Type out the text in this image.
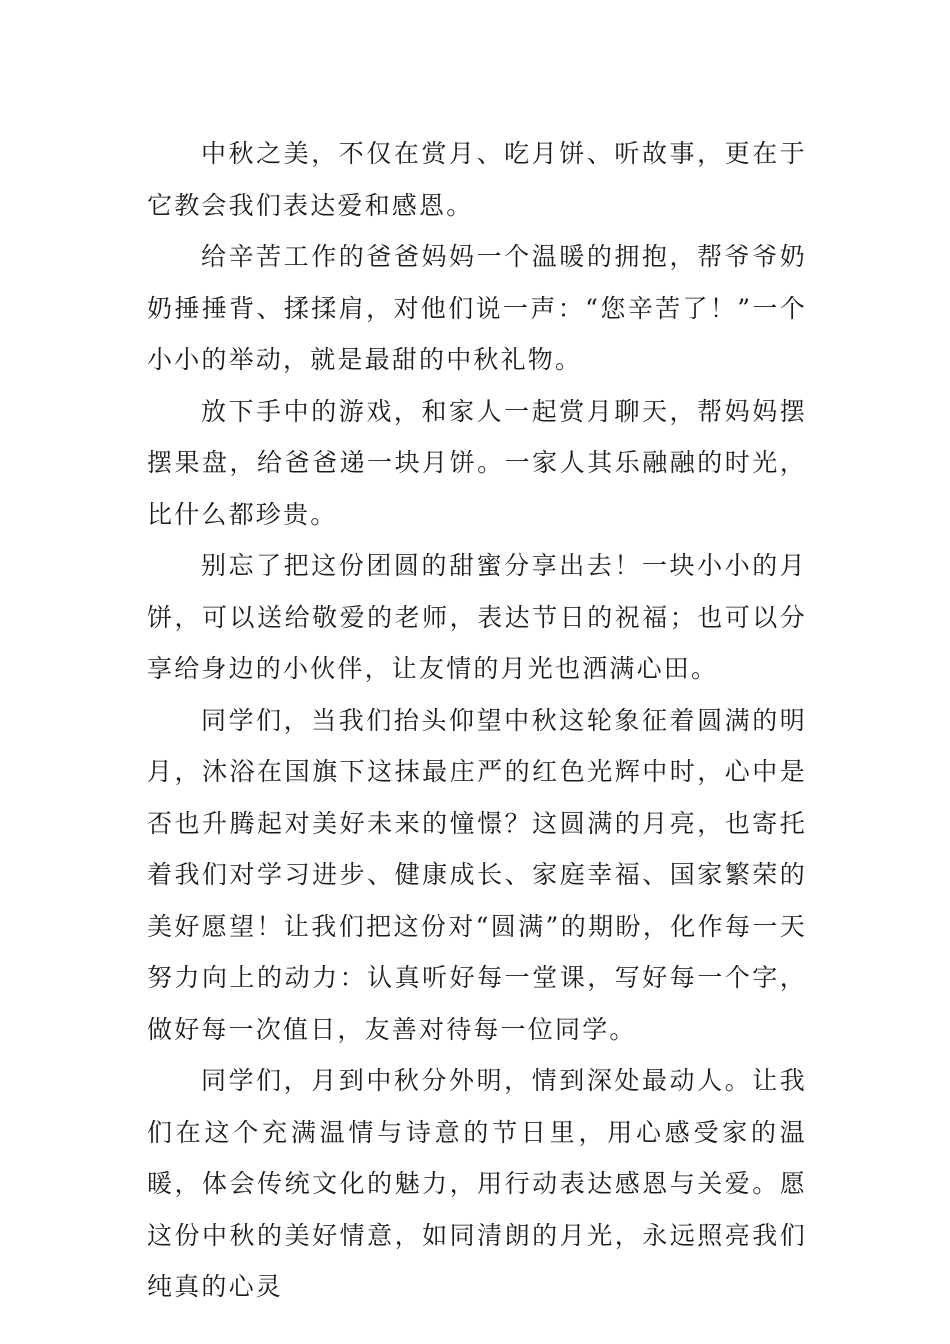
中秋之美，不仅在赏月、吃月饼、听故事，更在于它教会我们表达爱和感恩。

给辛苦工作的爸爸妈妈一个温暖的拥抱，帮爷爷奶奶捶捶背、揉揉肩，对他们说一声：“您辛苦了！”一个小小的举动，就是最甜的中秋礼物。

放下手中的游戏，和家人一起赏月聊天，帮妈妈摆摆果盘，给爸爸递一块月饼。一家人其乐融融的时光，比什么都珍贵。

别忘了把这份团圆的甜蜜分享出去！一块小小的月饼，可以送给敬爱的老师，表达节日的祝福；也可以分享给身边的小伙伴，让友情的月光也洒满心田。

同学们，当我们抬头仰望中秋这轮象征着圆满的明月，沐浴在国旗下这抹最庄严的红色光辉中时，心中是否也升腾起对美好未来的憧憬？这圆满的月亮，也寄托着我们对学习进步、健康成长、家庭幸福、国家繁荣的美好愿望！让我们把这份对“圆满”的期盼，化作每一天努力向上的动力：认真听好每一堂课，写好每一个字，做好每一次值日，友善对待每一位同学。

同学们，月到中秋分外明，情到深处最动人。让我们在这个充满温情与诗意的节日里，用心感受家的温暖，体会传统文化的魅力，用行动表达感恩与关爱。愿这份中秋的美好情意，如同清朗的月光，永远照亮我们纯真的心灵
